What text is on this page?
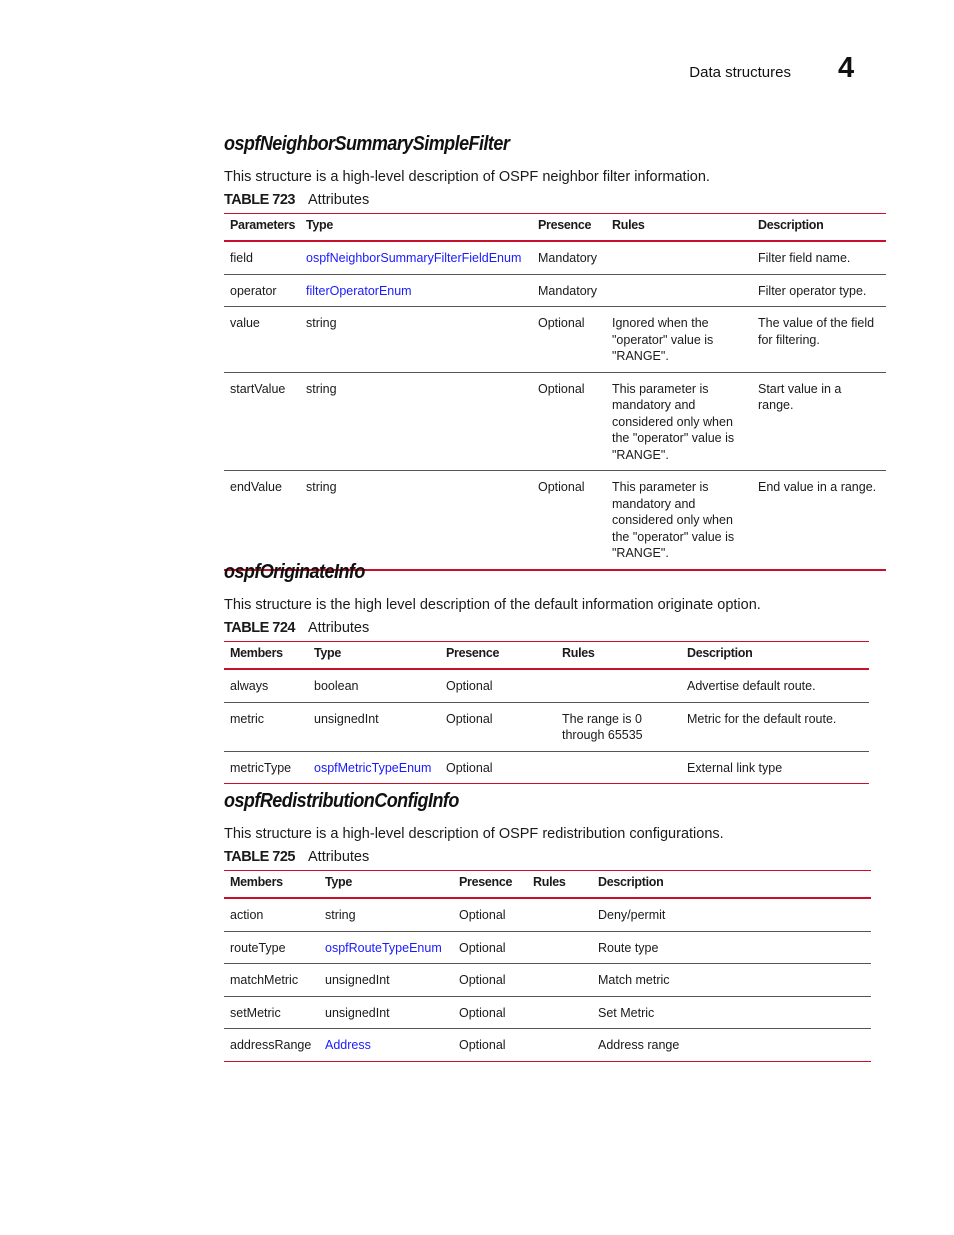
Data structures 4
ospfNeighborSummarySimpleFilter

This structure is a high-level description of OSPF neighbor filter information.

TABLE 723 Attributes
Parameters	Type	Presence	Rules	Description
field	ospfNeighborSummaryFilterFieldEnum	Mandatory		Filter field name.
operator	filterOperatorEnum	Mandatory		Filter operator type.
value	string	Optional	Ignored when the "operator" value is "RANGE".	The value of the field for filtering.
startValue	string	Optional	This parameter is mandatory and considered only when the "operator" value is "RANGE".	Start value in a range.
endValue	string	Optional	This parameter is mandatory and considered only when the "operator" value is "RANGE".	End value in a range.
ospfOriginateInfo

This structure is the high level description of the default information originate option.

TABLE 724 Attributes
Members	Type	Presence	Rules	Description
always	boolean	Optional		Advertise default route.
metric	unsignedInt	Optional	The range is 0 through 65535	Metric for the default route.
metricType	ospfMetricTypeEnum	Optional		External link type
ospfRedistributionConfigInfo

This structure is a high-level description of OSPF redistribution configurations.

TABLE 725 Attributes
Members	Type	Presence	Rules	Description
action	string	Optional		Deny/permit
routeType	ospfRouteTypeEnum	Optional		Route type
matchMetric	unsignedInt	Optional		Match metric
setMetric	unsignedInt	Optional		Set Metric
addressRange	Address	Optional		Address range
